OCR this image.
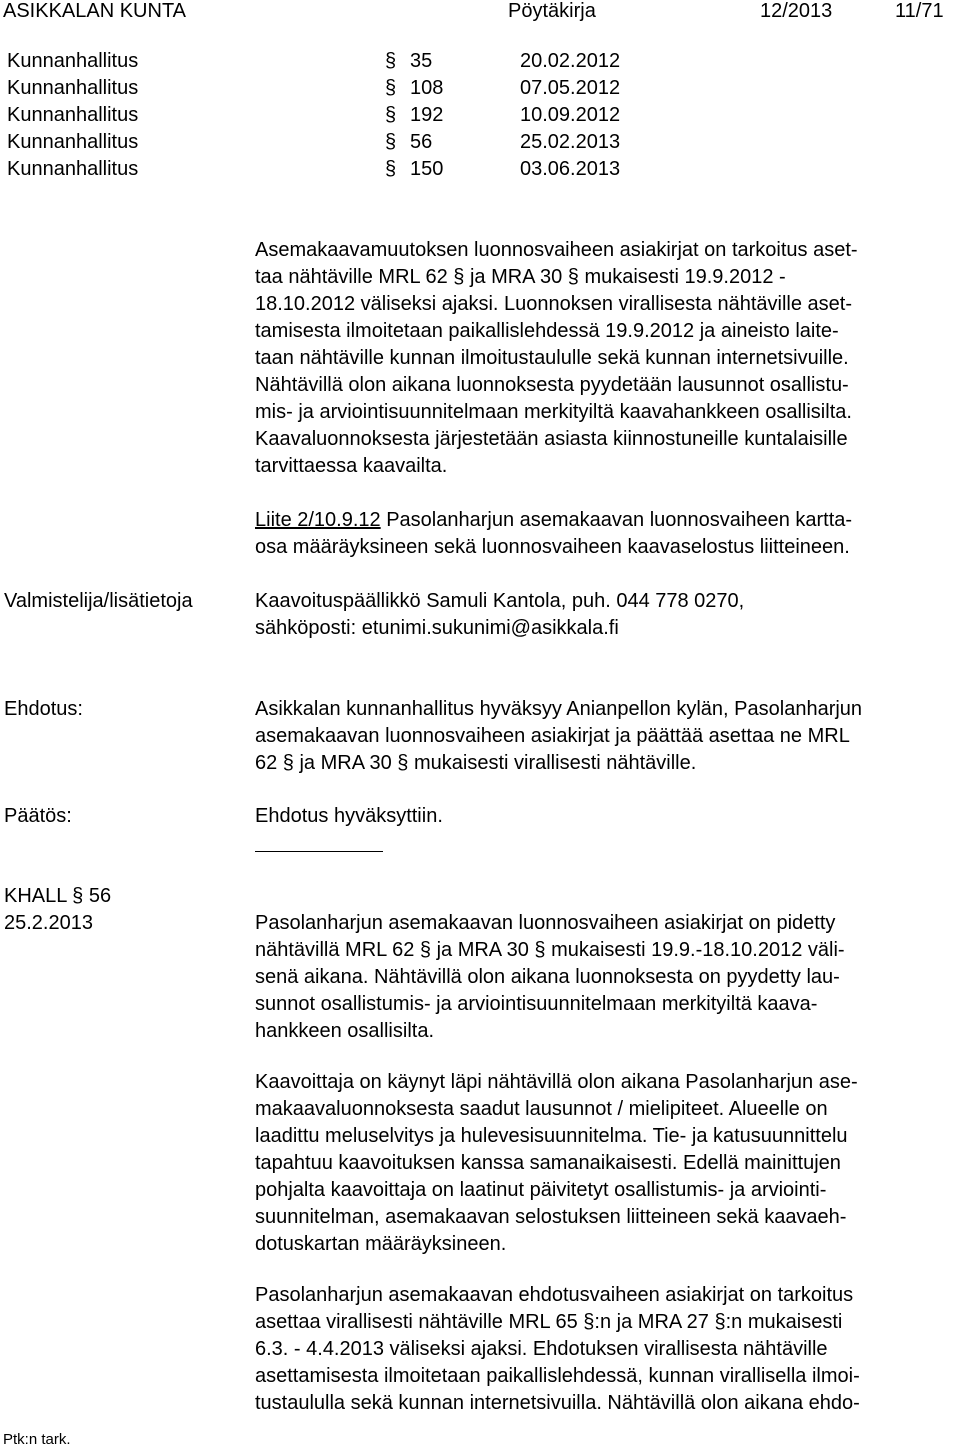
ASIKKALAN KUNTA	Pöytäkirja	12/2013	11/71
Kunnanhallitus	§ 35	20.02.2012
Kunnanhallitus	§ 108	07.05.2012
Kunnanhallitus	§ 192	10.09.2012
Kunnanhallitus	§ 56	25.02.2013
Kunnanhallitus	§ 150	03.06.2013
Asemakaavamuutoksen luonnosvaiheen asiakirjat on tarkoitus aset-
taa nähtäville MRL 62 § ja MRA 30 § mukaisesti 19.9.2012 -
18.10.2012 väliseksi ajaksi. Luonnoksen virallisesta nähtäville aset-
tamisesta ilmoitetaan paikallislehdessä 19.9.2012 ja aineisto laite-
taan nähtäville kunnan ilmoitustaululle sekä kunnan internetsivuille.
Nähtävillä olon aikana luonnoksesta pyydetään lausunnot osallistu-
mis- ja arviointisuunnitelmaan merkityiltä kaavahankkeen osallisilta.
Kaavaluonnoksesta järjestetään asiasta kiinnostuneille kuntalaisille
tarvittaessa kaavailta.
Liite 2/10.9.12 Pasolanharjun asemakaavan luonnosvaiheen kartta-
osa määräyksineen sekä luonnosvaiheen kaavaselostus liitteineen.
Valmistelija/lisätietoja	Kaavoituspäällikkö Samuli Kantola, puh. 044 778 0270,
sähköposti: etunimi.sukunimi@asikkala.fi
Ehdotus:	Asikkalan kunnanhallitus hyväksyy Anianpellon kylän, Pasolanharjun
asemakaavan luonnosvaiheen asiakirjat ja päättää asettaa ne MRL
62 § ja MRA 30 § mukaisesti virallisesti nähtäville.
Päätös:	Ehdotus hyväksyttiin.
KHALL § 56
25.2.2013	Pasolanharjun asemakaavan luonnosvaiheen asiakirjat on pidetty
nähtävillä MRL 62 § ja MRA 30 § mukaisesti 19.9.-18.10.2012 väli-
senä aikana. Nähtävillä olon aikana luonnoksesta on pyydetty lau-
sunnot osallistumis- ja arviointisuunnitelmaan merkityiltä kaava-
hankkeen osallisilta.
Kaavoittaja on käynyt läpi nähtävillä olon aikana Pasolanharjun ase-
makaavaluonnoksesta saadut lausunnot / mielipiteet. Alueelle on
laadittu meluselvitys ja hulevesisuunnitelma. Tie- ja katusuunnittelu
tapahtuu kaavoituksen kanssa samanaikaisesti. Edellä mainittujen
pohjalta kaavoittaja on laatinut päivitetyt osallistumis- ja arviointi-
suunnitelman, asemakaavan selostuksen liitteineen sekä kaavaeh-
dotuskartan määräyksineen.
Pasolanharjun asemakaavan ehdotusvaiheen asiakirjat on tarkoitus
asettaa virallisesti nähtäville MRL 65 §:n ja MRA 27 §:n mukaisesti
6.3. - 4.4.2013 väliseksi ajaksi. Ehdotuksen virallisesta nähtäville
asettamisesta ilmoitetaan paikallislehdessä, kunnan virallisella ilmoi-
tustaululla sekä kunnan internetsivuilla. Nähtävillä olon aikana ehdo-
Ptk:n tark.
